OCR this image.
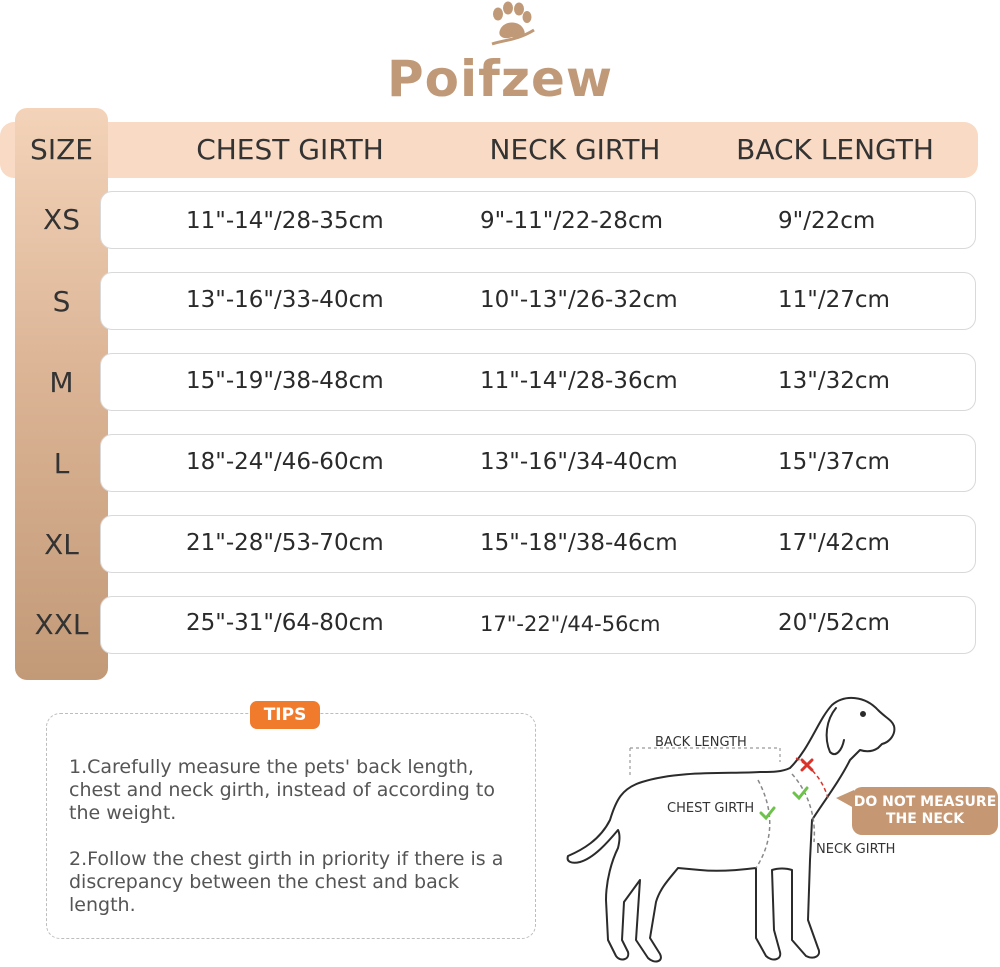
Poifzew
SIZE	CHEST GIRTH	NECK GIRTH	BACK LENGTH
XS	11"-14"/28-35cm	9"-11"/22-28cm	9"/22cm
S	13"-16"/33-40cm	10"-13"/26-32cm	11"/27cm
M	15"-19"/38-48cm	11"-14"/28-36cm	13"/32cm
L	18"-24"/46-60cm	13"-16"/34-40cm	15"/37cm
XL	21"-28"/53-70cm	15"-18"/38-46cm	17"/42cm
XXL	25"-31"/64-80cm	17"-22"/44-56cm	20"/52cm
TIPS
1.Carefully measure the pets' back length, chest and neck girth, instead of according to the weight.
2.Follow the chest girth in priority if there is a discrepancy between the chest and back length.
BACK LENGTH
CHEST GIRTH
NECK GIRTH
DO NOT MEASURE
THE NECK
